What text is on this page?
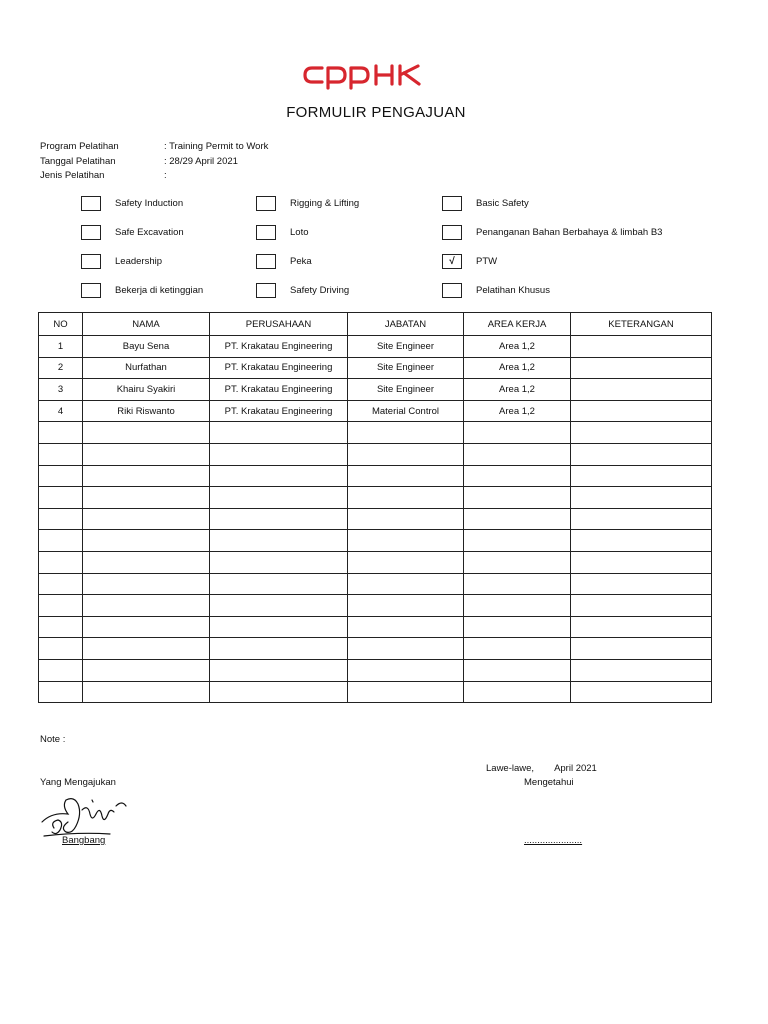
FORMULIR PENGAJUAN
Program Pelatihan	: Training Permit to Work
Tanggal Pelatihan	: 28/29 April 2021
Jenis Pelatihan	:
Safety Induction	Rigging & Lifting	Basic Safety
Safe Excavation	Loto	Penanganan Bahan Berbahaya & limbah B3
Leadership	Peka	√	PTW
Bekerja di ketinggian	Safety Driving	Pelatihan Khusus
NO	NAMA	PERUSAHAAN	JABATAN	AREA KERJA	KETERANGAN
1	Bayu Sena	PT. Krakatau Engineering	Site Engineer	Area 1,2	
2	Nurfathan	PT. Krakatau Engineering	Site Engineer	Area 1,2	
3	Khairu Syakiri	PT. Krakatau Engineering	Site Engineer	Area 1,2	
4	Riki Riswanto	PT. Krakatau Engineering	Material Control	Area 1,2	

Note :
Lawe-lawe, April 2021
Mengetahui
Yang Mengajukan
Bangbang	......................
